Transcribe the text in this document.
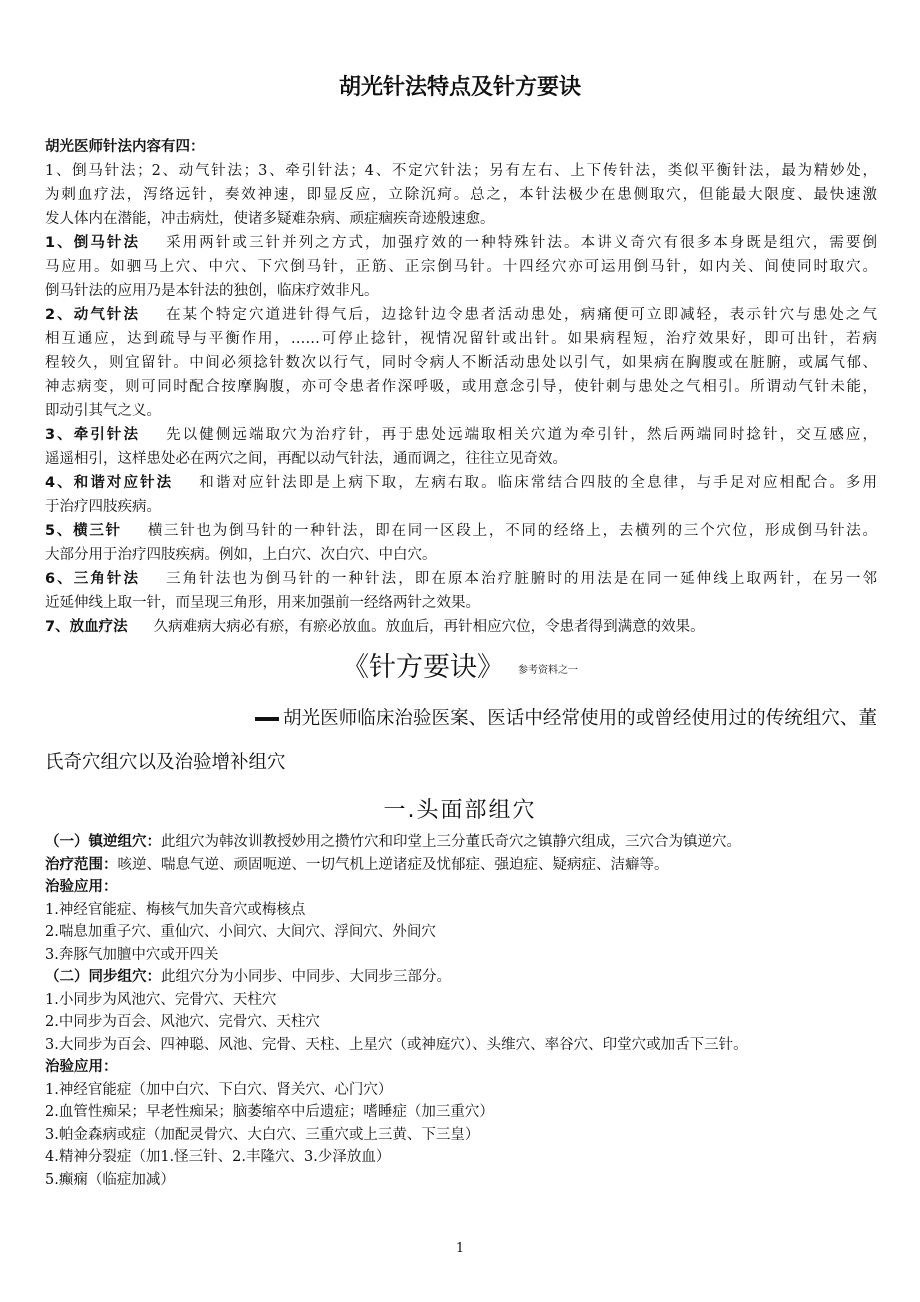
胡光针法特点及针方要诀
胡光医师针法内容有四：
1、倒马针法；2、动气针法；3、牵引针法；4、不定穴针法；另有左右、上下传针法，类似平衡针法，最为精妙处，
为刺血疗法，泻络远针，奏效神速，即显反应，立除沉疴。总之，本针法极少在患侧取穴，但能最大限度、最快速激
发人体内在潜能，冲击病灶，使诸多疑难杂病、顽症痼疾奇迹般速愈。
1、倒马针法 采用两针或三针并列之方式，加强疗效的一种特殊针法。本讲义奇穴有很多本身既是组穴，需要倒
马应用。如驷马上穴、中穴、下穴倒马针，正筋、正宗倒马针。十四经穴亦可运用倒马针，如内关、间使同时取穴。
倒马针法的应用乃是本针法的独创，临床疗效非凡。
2、动气针法 在某个特定穴道进针得气后，边捻针边令患者活动患处，病痛便可立即减轻，表示针穴与患处之气
相互通应，达到疏导与平衡作用，……可停止捻针，视情况留针或出针。如果病程短，治疗效果好，即可出针，若病
程较久，则宜留针。中间必须捻针数次以行气，同时令病人不断活动患处以引气，如果病在胸腹或在脏腑，或属气郁、
神志病变，则可同时配合按摩胸腹，亦可令患者作深呼吸，或用意念引导，使针刺与患处之气相引。所谓动气针未能，
即动引其气之义。
3、牵引针法 先以健侧远端取穴为治疗针，再于患处远端取相关穴道为牵引针，然后两端同时捻针，交互感应，
遥遥相引，这样患处必在两穴之间，再配以动气针法，通而调之，往往立见奇效。
4、和谐对应针法 和谐对应针法即是上病下取，左病右取。临床常结合四肢的全息律，与手足对应相配合。多用
于治疗四肢疾病。
5、横三针 横三针也为倒马针的一种针法，即在同一区段上，不同的经络上，去横列的三个穴位，形成倒马针法。
大部分用于治疗四肢疾病。例如，上白穴、次白穴、中白穴。
6、三角针法 三角针法也为倒马针的一种针法，即在原本治疗脏腑时的用法是在同一延伸线上取两针，在另一邻
近延伸线上取一针，而呈现三角形，用来加强前一经络两针之效果。
7、放血疗法 久病难病大病必有瘀，有瘀必放血。放血后，再针相应穴位，令患者得到满意的效果。
《针方要诀》 参考资料之一
胡光医师临床治验医案、医话中经常使用的或曾经使用过的传统组穴、董
氏奇穴组穴以及治验增补组穴
一.头面部组穴
（一）镇逆组穴：此组穴为韩汝训教授妙用之攒竹穴和印堂上三分董氏奇穴之镇静穴组成，三穴合为镇逆穴。
治疗范围：咳逆、喘息气逆、顽固呃逆、一切气机上逆诸症及忧郁症、强迫症、疑病症、洁癖等。
治验应用：
1.神经官能症、梅核气加失音穴或梅核点
2.喘息加重子穴、重仙穴、小间穴、大间穴、浮间穴、外间穴
3.奔豚气加膻中穴或开四关
（二）同步组穴：此组穴分为小同步、中同步、大同步三部分。
1.小同步为风池穴、完骨穴、天柱穴
2.中同步为百会、风池穴、完骨穴、天柱穴
3.大同步为百会、四神聪、风池、完骨、天柱、上星穴（或神庭穴）、头维穴、率谷穴、印堂穴或加舌下三针。
治验应用：
1.神经官能症（加中白穴、下白穴、肾关穴、心门穴）
2.血管性痴呆；早老性痴呆；脑萎缩卒中后遗症；嗜睡症（加三重穴）
3.帕金森病或症（加配灵骨穴、大白穴、三重穴或上三黄、下三皇）
4.精神分裂症（加1.怪三针、2.丰隆穴、3.少泽放血）
5.癫痫（临症加减）
1
